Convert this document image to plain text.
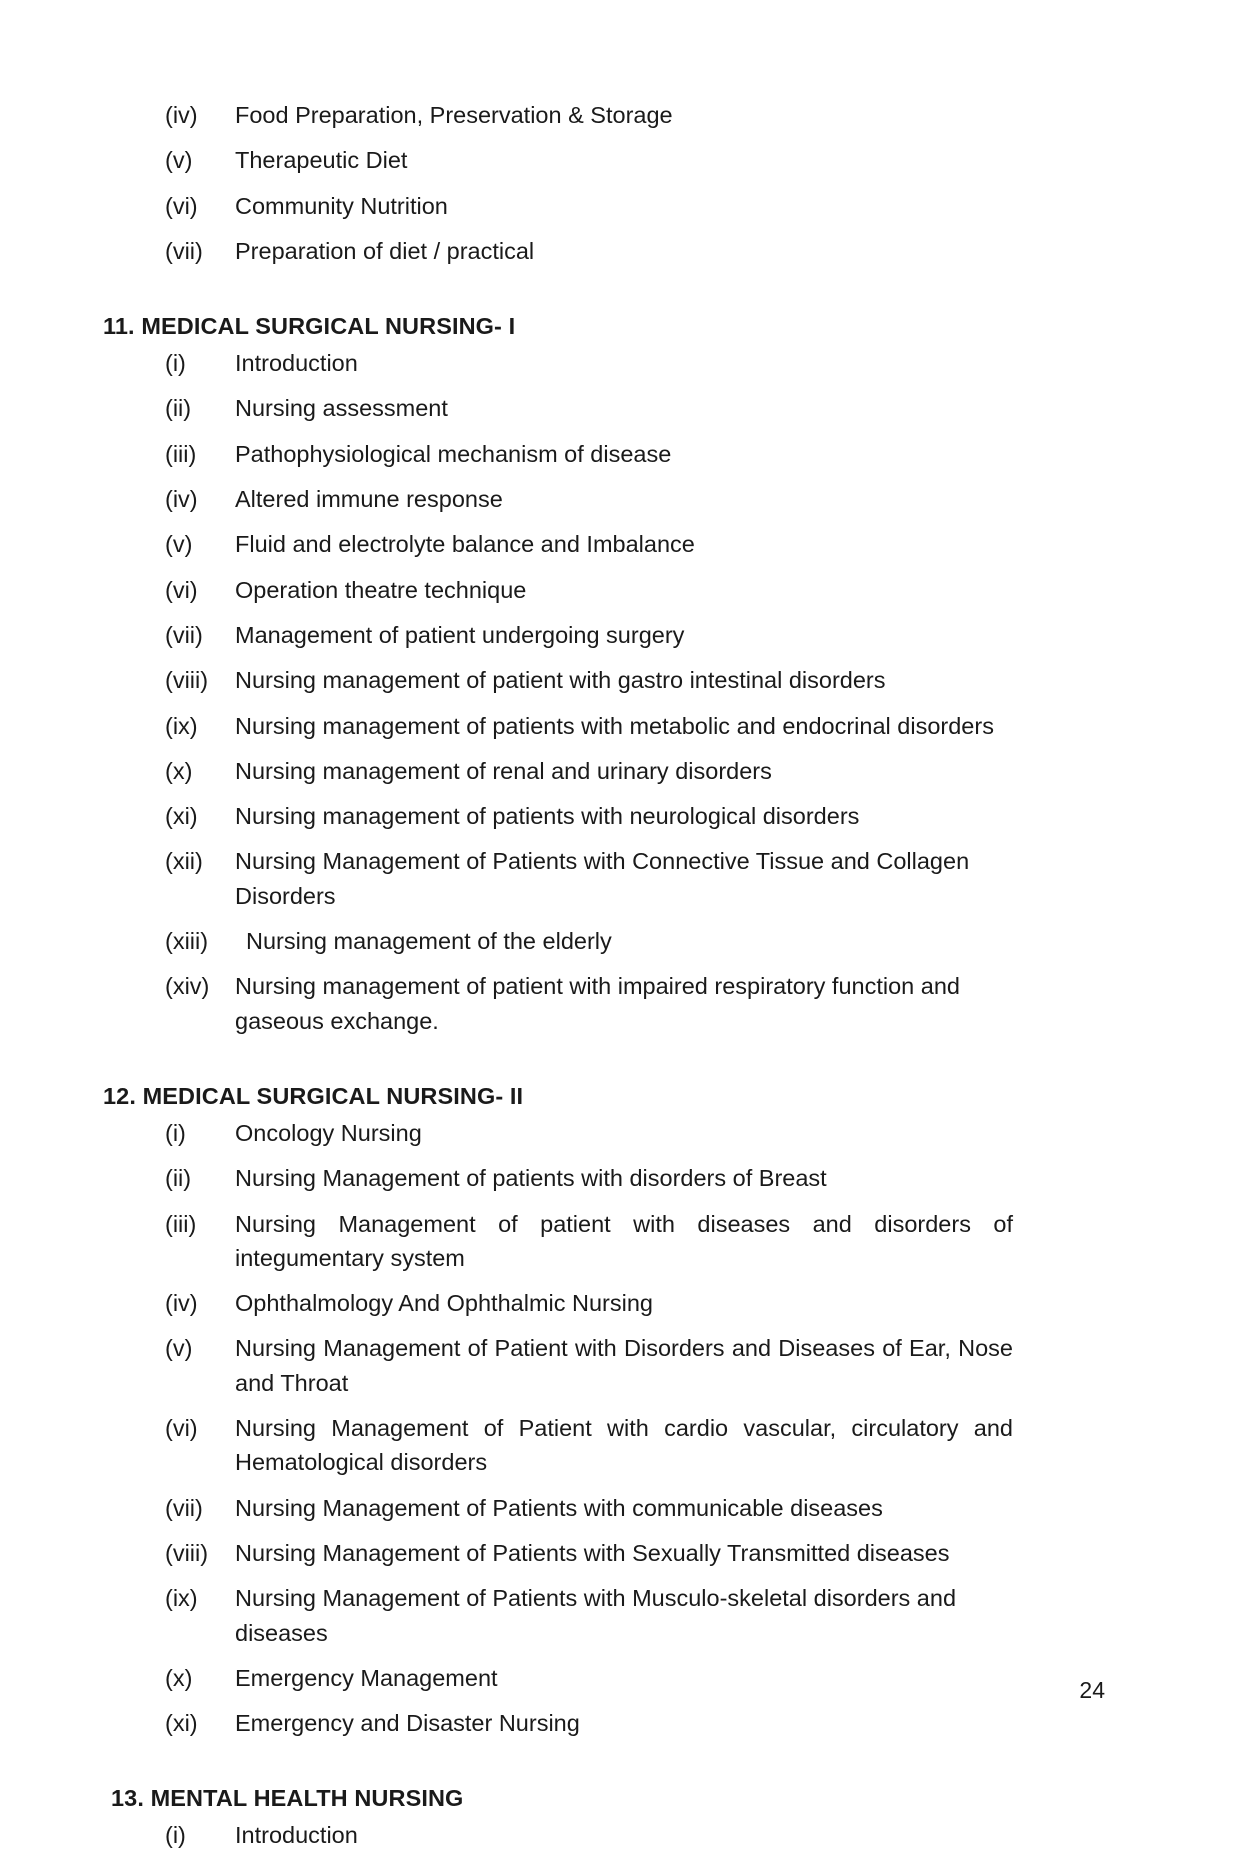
(iv)	Food Preparation, Preservation & Storage
(v)	Therapeutic Diet
(vi)	Community Nutrition
(vii)	Preparation of diet / practical
11. MEDICAL SURGICAL NURSING- I
(i)	Introduction
(ii)	Nursing assessment
(iii)	Pathophysiological mechanism of disease
(iv)	Altered immune response
(v)	Fluid and electrolyte balance and Imbalance
(vi)	Operation theatre technique
(vii)	Management of patient undergoing surgery
(viii)	Nursing management of patient with gastro intestinal disorders
(ix)	Nursing management of patients with metabolic and endocrinal disorders
(x)	Nursing management of renal and urinary disorders
(xi)	Nursing management of patients with neurological disorders
(xii)	Nursing Management of Patients with Connective Tissue and Collagen Disorders
(xiii)	Nursing management of the elderly
(xiv)	Nursing management of patient with impaired respiratory function and gaseous exchange.
12. MEDICAL SURGICAL NURSING- II
(i)	Oncology Nursing
(ii)	Nursing Management of patients with disorders of Breast
(iii)	Nursing Management of patient with diseases and disorders of integumentary system
(iv)	Ophthalmology And Ophthalmic Nursing
(v)	Nursing Management of Patient with Disorders and Diseases of Ear, Nose and Throat
(vi)	Nursing Management of Patient with cardio vascular, circulatory and Hematological disorders
(vii)	Nursing Management of Patients with communicable diseases
(viii)	Nursing Management of Patients with Sexually Transmitted diseases
(ix)	Nursing Management of Patients with Musculo-skeletal disorders and diseases
(x)	Emergency Management
(xi)	Emergency and Disaster Nursing
13. MENTAL HEALTH NURSING
(i)	Introduction
24
